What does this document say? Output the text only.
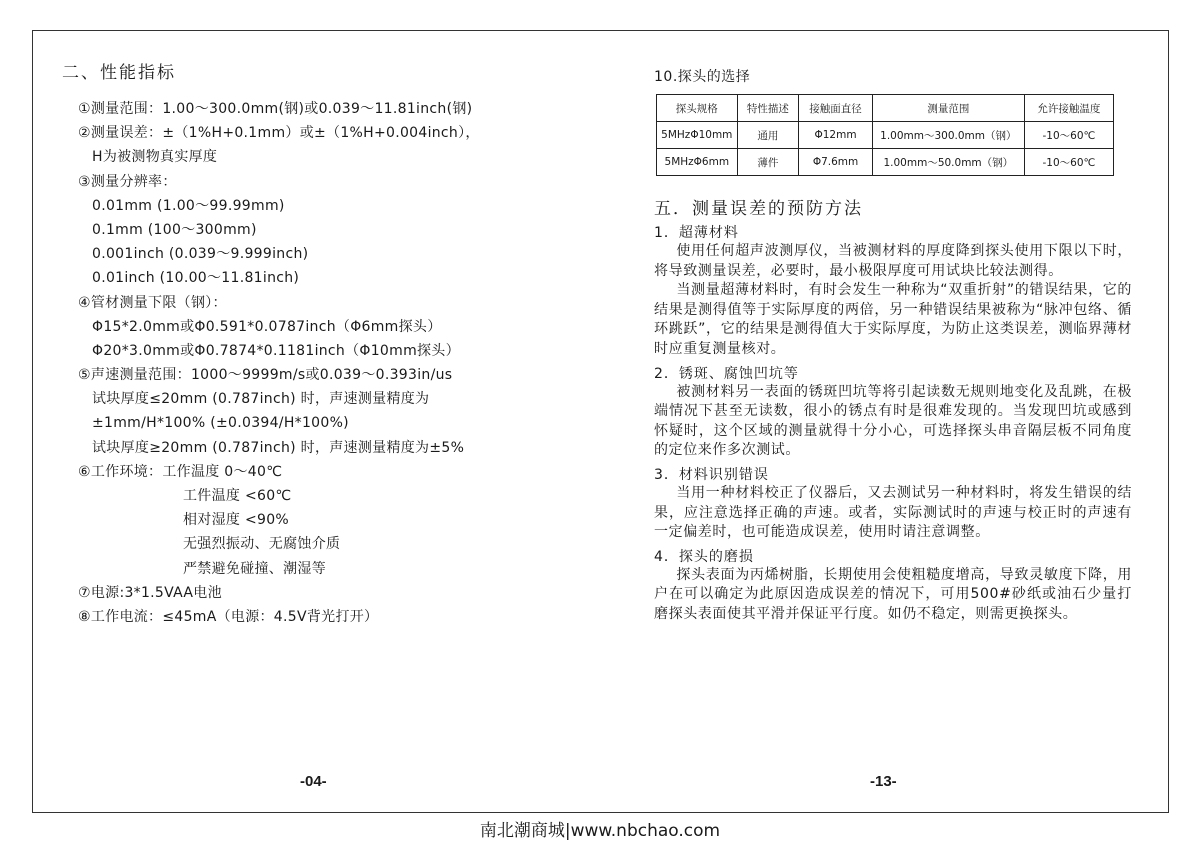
二、性能指标
①测量范围：1.00～300.0mm(钢)或0.039～11.81inch(钢)
②测量误差：±（1%H+0.1mm）或±（1%H+0.004inch），
H为被测物真实厚度
③测量分辨率：
0.01mm (1.00～99.99mm)
0.1mm (100～300mm)
0.001inch (0.039～9.999inch)
0.01inch (10.00～11.81inch)
④管材测量下限（钢）：
Φ15*2.0mm或Φ0.591*0.0787inch（Φ6mm探头）
Φ20*3.0mm或Φ0.7874*0.1181inch（Φ10mm探头）
⑤声速测量范围：1000～9999m/s或0.039～0.393in/us
试块厚度≤20mm (0.787inch) 时，声速测量精度为
±1mm/H*100% (±0.0394/H*100%)
试块厚度≥20mm (0.787inch) 时，声速测量精度为±5%
⑥工作环境：工作温度 0～40℃
工件温度 <60℃
相对湿度 <90%
无强烈振动、无腐蚀介质
严禁避免碰撞、潮湿等
⑦电源:3*1.5VAA电池
⑧工作电流：≤45mA（电源：4.5V背光打开）
-04-
10.探头的选择
探头规格	特性描述	接触面直径	测量范围	允许接触温度
5MHzΦ10mm	通用	Φ12mm	1.00mm～300.0mm（钢）	-10～60℃
5MHzΦ6mm	薄件	Φ7.6mm	1.00mm～50.0mm（钢）	-10～60℃
五．测量误差的预防方法
1．超薄材料

使用任何超声波测厚仪，当被测材料的厚度降到探头使用下限以下时，将导致测量误差，必要时，最小极限厚度可用试块比较法测得。

当测量超薄材料时，有时会发生一种称为“双重折射”的错误结果，它的结果是测得值等于实际厚度的两倍，另一种错误结果被称为“脉冲包络、循环跳跃”，它的结果是测得值大于实际厚度，为防止这类误差，测临界薄材时应重复测量核对。

2．锈斑、腐蚀凹坑等

被测材料另一表面的锈斑凹坑等将引起读数无规则地变化及乱跳，在极端情况下甚至无读数，很小的锈点有时是很难发现的。当发现凹坑或感到怀疑时，这个区域的测量就得十分小心，可选择探头串音隔层板不同角度的定位来作多次测试。

3．材料识别错误

当用一种材料校正了仪器后，又去测试另一种材料时，将发生错误的结果，应注意选择正确的声速。或者，实际测试时的声速与校正时的声速有一定偏差时，也可能造成误差，使用时请注意调整。

4．探头的磨损

探头表面为丙烯树脂，长期使用会使粗糙度增高，导致灵敏度下降，用户在可以确定为此原因造成误差的情况下，可用500#砂纸或油石少量打磨探头表面使其平滑并保证平行度。如仍不稳定，则需更换探头。

-13-
南北潮商城|www.nbchao.com
